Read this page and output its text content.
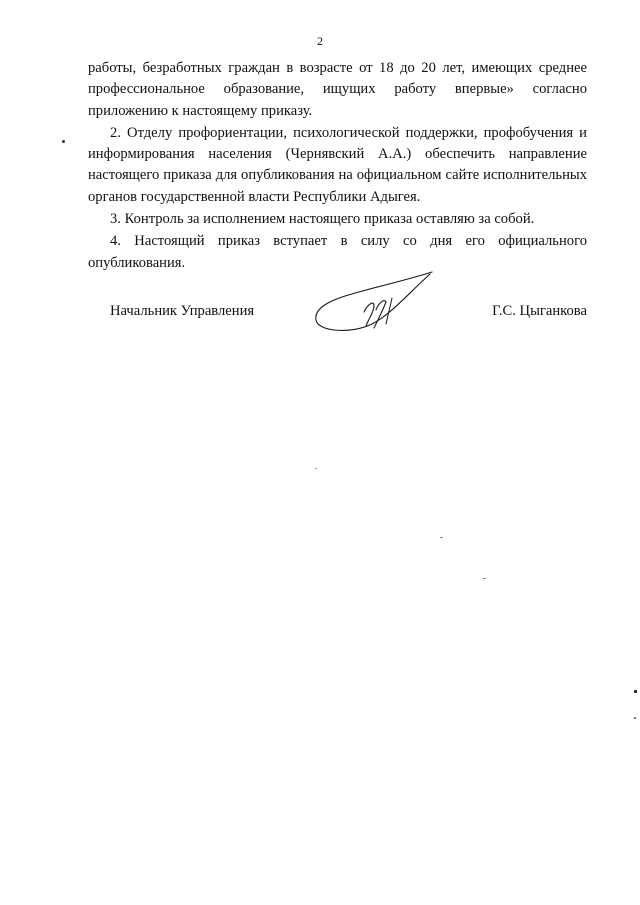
2

работы, безработных граждан в возрасте от 18 до 20 лет, имеющих среднее профессиональное образование, ищущих работу впервые» согласно приложению к настоящему приказу.

2. Отделу профориентации, психологической поддержки, профобучения и информирования населения (Чернявский А.А.) обеспечить направление настоящего приказа для опубликования на официальном сайте исполнительных органов государственной власти Республики Адыгея.

3. Контроль за исполнением настоящего приказа оставляю за собой.

4. Настоящий приказ вступает в силу со дня его официального опубликования.

Начальник Управления	Г.С. Цыганкова
